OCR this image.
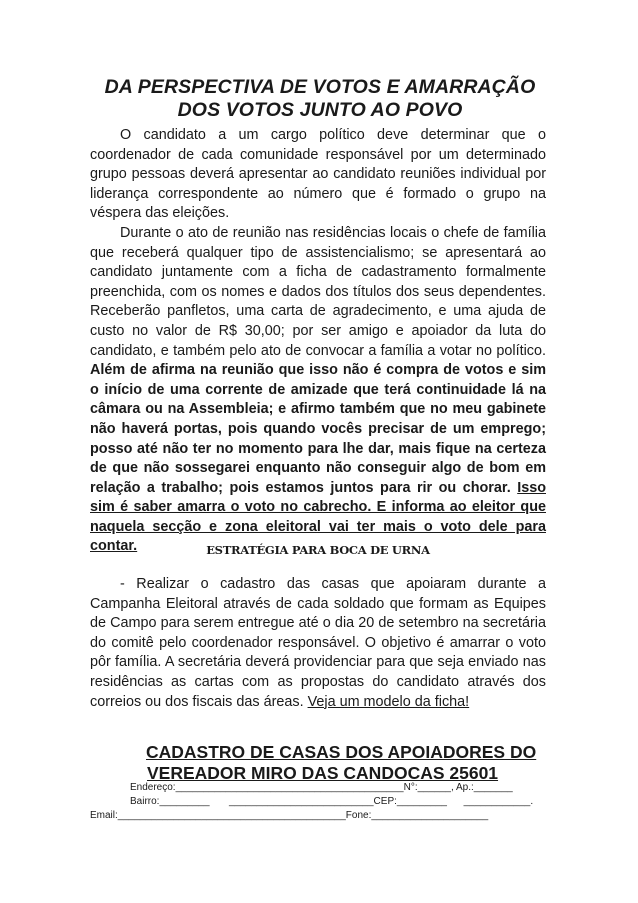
DA PERSPECTIVA DE VOTOS E AMARRAÇÃO
DOS VOTOS JUNTO AO POVO

O candidato a um cargo político deve determinar que o coordenador de cada comunidade responsável por um determinado grupo pessoas deverá apresentar ao candidato reuniões individual por liderança correspondente ao número que é formado o grupo na véspera das eleições.

Durante o ato de reunião nas residências locais o chefe de família que receberá qualquer tipo de assistencialismo; se apresentará ao candidato juntamente com a ficha de cadastramento formalmente preenchida, com os nomes e dados dos títulos dos seus dependentes. Receberão panfletos, uma carta de agradecimento, e uma ajuda de custo no valor de R$ 30,00; por ser amigo e apoiador da luta do candidato, e também pelo ato de convocar a família a votar no político. Além de afirma na reunião que isso não é compra de votos e sim o início de uma corrente de amizade que terá continuidade lá na câmara ou na Assembleia; e afirmo também que no meu gabinete não haverá portas, pois quando vocês precisar de um emprego; posso até não ter no momento para lhe dar, mais fique na certeza de que não sossegarei enquanto não conseguir algo de bom em relação a trabalho; pois estamos juntos para rir ou chorar. Isso sim é saber amarra o voto no cabrecho. E informa ao eleitor que naquela secção e zona eleitoral vai ter mais o voto dele para contar.	ESTRATÉGIA PARA BOCA DE URNA

- Realizar o cadastro das casas que apoiaram durante a Campanha Eleitoral através de cada soldado que formam as Equipes de Campo para serem entregue até o dia 20 de setembro na secretária do comitê pelo coordenador responsável. O objetivo é amarrar o voto pôr família. A secretária deverá providenciar para que seja enviado nas residências as cartas com as propostas do candidato através dos correios ou dos fiscais das áreas. Veja um modelo da ficha!

CADASTRO DE CASAS DOS APOIADORES DO
VEREADOR MIRO DAS CANDOCAS 25601
Endereço:_________________________________________N°:______, Ap.:_______
Bairro:_________       __________________________CEP:_________      ____________.
Email:_________________________________________Fone:_____________________
